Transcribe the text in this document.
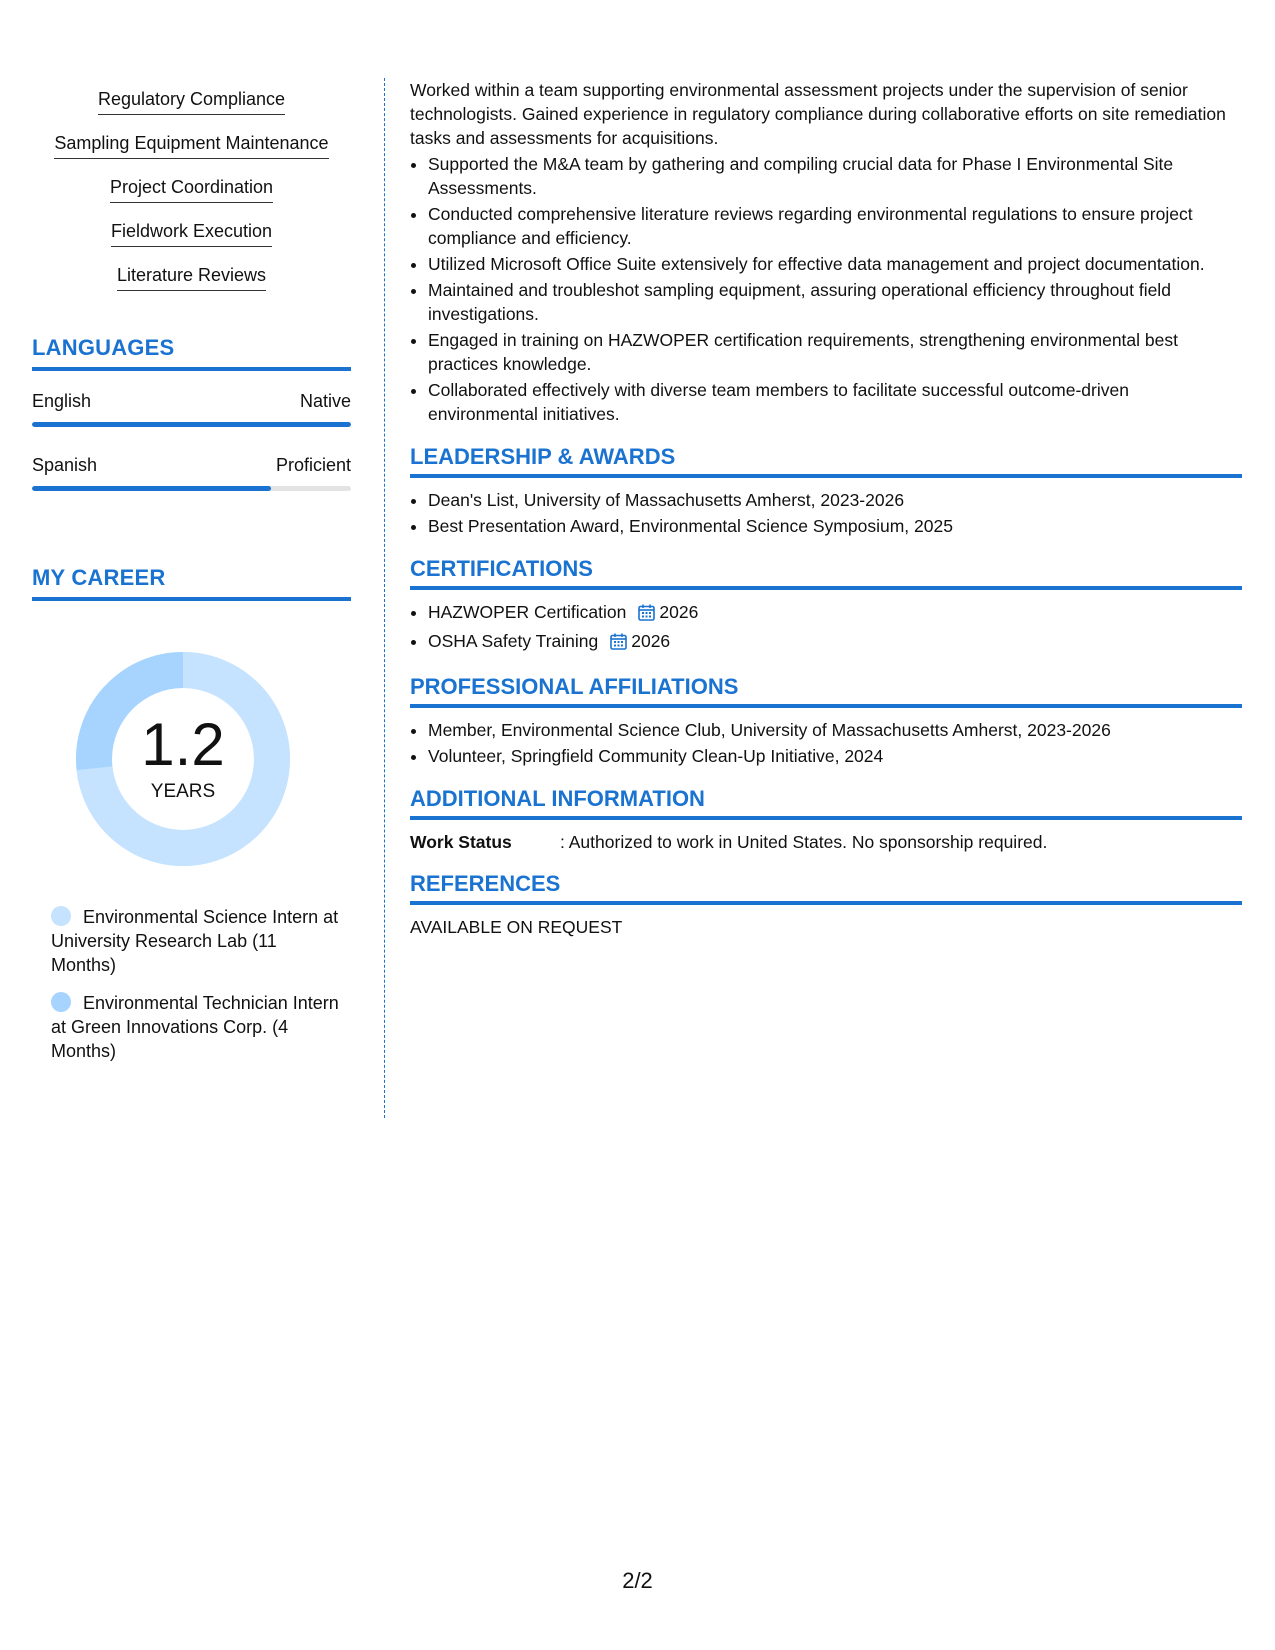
Regulatory Compliance
Sampling Equipment Maintenance
Project Coordination
Fieldwork Execution
Literature Reviews
LANGUAGES
English	Native
Spanish	Proficient
MY CAREER
1.2
YEARS
Environmental Science Intern at University Research Lab (11 Months)
Environmental Technician Intern at Green Innovations Corp. (4 Months)

Worked within a team supporting environmental assessment projects under the supervision of senior technologists. Gained experience in regulatory compliance during collaborative efforts on site remediation tasks and assessments for acquisitions.

• Supported the M&A team by gathering and compiling crucial data for Phase I Environmental Site Assessments.
• Conducted comprehensive literature reviews regarding environmental regulations to ensure project compliance and efficiency.
• Utilized Microsoft Office Suite extensively for effective data management and project documentation.
• Maintained and troubleshot sampling equipment, assuring operational efficiency throughout field investigations.
• Engaged in training on HAZWOPER certification requirements, strengthening environmental best practices knowledge.
• Collaborated effectively with diverse team members to facilitate successful outcome-driven environmental initiatives.
LEADERSHIP & AWARDS
• Dean's List, University of Massachusetts Amherst, 2023-2026
• Best Presentation Award, Environmental Science Symposium, 2025
CERTIFICATIONS
• HAZWOPER Certification 2026
• OSHA Safety Training 2026
PROFESSIONAL AFFILIATIONS
• Member, Environmental Science Club, University of Massachusetts Amherst, 2023-2026
• Volunteer, Springfield Community Clean-Up Initiative, 2024
ADDITIONAL INFORMATION
Work Status	: Authorized to work in United States. No sponsorship required.
REFERENCES
AVAILABLE ON REQUEST
2/2
